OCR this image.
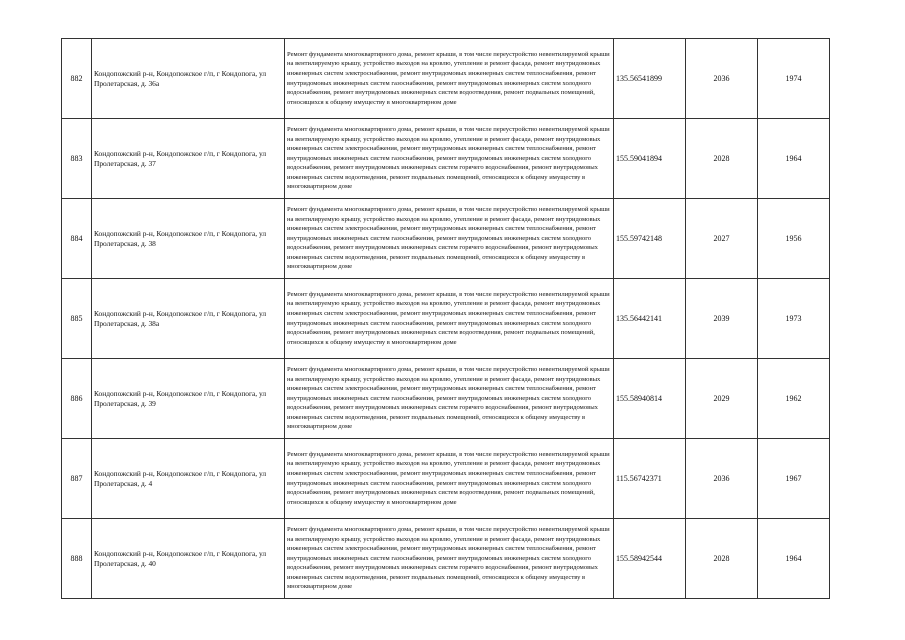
882	Кондопожский р-н, Кондопожское г/п, г Кондопога, ул Пролетарская, д. 36а	Ремонт фундамента многоквартирного дома, ремонт крыши, в том числе переустройство невентилируемой крыши на вентилируемую крышу, устройство выходов на кровлю, утепление и ремонт фасада, ремонт внутридомовых инженерных систем электроснабжения, ремонт внутридомовых инженерных систем теплоснабжения, ремонт внутридомовых инженерных систем газоснабжения, ремонт внутридомовых инженерных систем холодного водоснабжения, ремонт внутридомовых инженерных систем водоотведения, ремонт подвальных помещений, относящихся к общему имуществу в многоквартирном доме	135.56541899	2036	1974
883	Кондопожский р-н, Кондопожское г/п, г Кондопога, ул Пролетарская, д. 37	Ремонт фундамента многоквартирного дома, ремонт крыши, в том числе переустройство невентилируемой крыши на вентилируемую крышу, устройство выходов на кровлю, утепление и ремонт фасада, ремонт внутридомовых инженерных систем электроснабжения, ремонт внутридомовых инженерных систем теплоснабжения, ремонт внутридомовых инженерных систем газоснабжения, ремонт внутридомовых инженерных систем холодного водоснабжения, ремонт внутридомовых инженерных систем горячего водоснабжения, ремонт внутридомовых инженерных систем водоотведения, ремонт подвальных помещений, относящихся к общему имуществу в многоквартирном доме	155.59041894	2028	1964
884	Кондопожский р-н, Кондопожское г/п, г Кондопога, ул Пролетарская, д. 38	Ремонт фундамента многоквартирного дома, ремонт крыши, в том числе переустройство невентилируемой крыши на вентилируемую крышу, устройство выходов на кровлю, утепление и ремонт фасада, ремонт внутридомовых инженерных систем электроснабжения, ремонт внутридомовых инженерных систем теплоснабжения, ремонт внутридомовых инженерных систем газоснабжения, ремонт внутридомовых инженерных систем холодного водоснабжения, ремонт внутридомовых инженерных систем горячего водоснабжения, ремонт внутридомовых инженерных систем водоотведения, ремонт подвальных помещений, относящихся к общему имуществу в многоквартирном доме	155.59742148	2027	1956
885	Кондопожский р-н, Кондопожское г/п, г Кондопога, ул Пролетарская, д. 38а	Ремонт фундамента многоквартирного дома, ремонт крыши, в том числе переустройство невентилируемой крыши на вентилируемую крышу, устройство выходов на кровлю, утепление и ремонт фасада, ремонт внутридомовых инженерных систем электроснабжения, ремонт внутридомовых инженерных систем теплоснабжения, ремонт внутридомовых инженерных систем газоснабжения, ремонт внутридомовых инженерных систем холодного водоснабжения, ремонт внутридомовых инженерных систем водоотведения, ремонт подвальных помещений, относящихся к общему имуществу в многоквартирном доме	135.56442141	2039	1973
886	Кондопожский р-н, Кондопожское г/п, г Кондопога, ул Пролетарская, д. 39	Ремонт фундамента многоквартирного дома, ремонт крыши, в том числе переустройство невентилируемой крыши на вентилируемую крышу, устройство выходов на кровлю, утепление и ремонт фасада, ремонт внутридомовых инженерных систем электроснабжения, ремонт внутридомовых инженерных систем теплоснабжения, ремонт внутридомовых инженерных систем газоснабжения, ремонт внутридомовых инженерных систем холодного водоснабжения, ремонт внутридомовых инженерных систем горячего водоснабжения, ремонт внутридомовых инженерных систем водоотведения, ремонт подвальных помещений, относящихся к общему имуществу в многоквартирном доме	155.58940814	2029	1962
887	Кондопожский р-н, Кондопожское г/п, г Кондопога, ул Пролетарская, д. 4	Ремонт фундамента многоквартирного дома, ремонт крыши, в том числе переустройство невентилируемой крыши на вентилируемую крышу, устройство выходов на кровлю, утепление и ремонт фасада, ремонт внутридомовых инженерных систем электроснабжения, ремонт внутридомовых инженерных систем теплоснабжения, ремонт внутридомовых инженерных систем газоснабжения, ремонт внутридомовых инженерных систем холодного водоснабжения, ремонт внутридомовых инженерных систем водоотведения, ремонт подвальных помещений, относящихся к общему имуществу в многоквартирном доме	115.56742371	2036	1967
888	Кондопожский р-н, Кондопожское г/п, г Кондопога, ул Пролетарская, д. 40	Ремонт фундамента многоквартирного дома, ремонт крыши, в том числе переустройство невентилируемой крыши на вентилируемую крышу, устройство выходов на кровлю, утепление и ремонт фасада, ремонт внутридомовых инженерных систем электроснабжения, ремонт внутридомовых инженерных систем теплоснабжения, ремонт внутридомовых инженерных систем газоснабжения, ремонт внутридомовых инженерных систем холодного водоснабжения, ремонт внутридомовых инженерных систем горячего водоснабжения, ремонт внутридомовых инженерных систем водоотведения, ремонт подвальных помещений, относящихся к общему имуществу в многоквартирном доме	155.58942544	2028	1964
